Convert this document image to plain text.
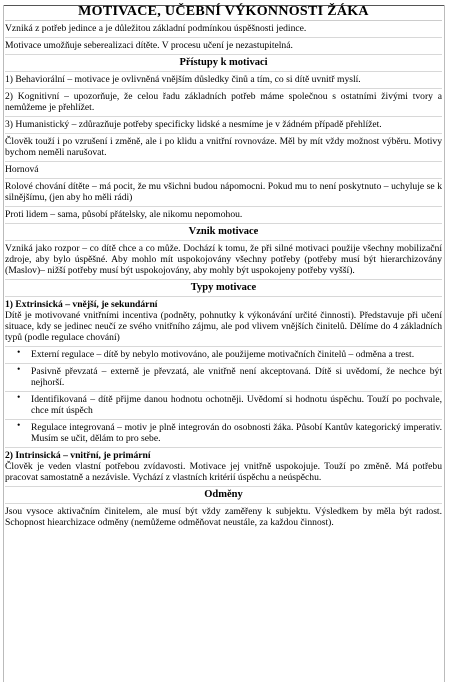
MOTIVACE, UČEBNÍ VÝKONNOSTI ŽÁKA

Vzniká z potřeb jedince a je důležitou základní podmínkou úspěšnosti jedince.

Motivace umožňuje seberealizaci dítěte. V procesu učení je nezastupitelná.

Přístupy k motivaci

1) Behaviorální – motivace je ovlivněná vnějším důsledky činů a tím, co si dítě uvnitř myslí.

2) Kognitivní – upozorňuje, že celou řadu základních potřeb máme společnou s ostatními živými tvory a nemůžeme je přehlížet.

3) Humanistický – zdůrazňuje potřeby specificky lidské a nesmíme je v žádném případě přehlížet.

Člověk touží i po vzrušení i změně, ale i po klidu a vnitřní rovnováze. Měl by mít vždy možnost výběru. Motivy bychom neměli narušovat.

Hornová

Rolové chování dítěte – má pocit, že mu všichni budou nápomocni. Pokud mu to není poskytnuto – uchyluje se k silnějšímu, (jen aby ho měli rádi)

Proti lidem – sama, působí přátelsky, ale nikomu nepomohou.

Vznik motivace

Vzniká jako rozpor – co dítě chce a co může. Dochází k tomu, že při silné motivaci použije všechny mobilizační zdroje, aby bylo úspěšné. Aby mohlo mít uspokojovány všechny potřeby (potřeby musí být hierarchizovány (Maslov)– nižší potřeby musí být uspokojovány, aby mohly být uspokojeny potřeby vyšší).

Typy motivace

1) Extrinsická – vnější, je sekundární

Dítě je motivované vnitřními incentiva (podněty, pohnutky k výkonávání určité činnosti). Představuje při učení situace, kdy se jedinec neučí ze svého vnitřního zájmu, ale pod vlivem vnějších činitelů. Dělíme do 4 základních typů (podle regulace chování)

• Externí regulace – dítě by nebylo motivováno, ale použijeme motivačních činitelů – odměna a trest.

• Pasivně převzatá – externě je převzatá, ale vnitřně není akceptovaná. Dítě si uvědomí, že nechce být nejhorší.

• Identifikovaná – dítě přijme danou hodnotu ochotněji. Uvědomí si hodnotu úspěchu. Touží po pochvale, chce mít úspěch

• Regulace integrovaná – motiv je plně integrován do osobnosti žáka. Působí Kantův kategorický imperativ. Musím se učit, dělám to pro sebe.

2) Intrinsická – vnitřní, je primární

Člověk je veden vlastní potřebou zvídavosti. Motivace jej vnitřně uspokojuje. Touží po změně. Má potřebu pracovat samostatně a nezávisle. Vychází z vlastních kritérií úspěchu a neúspěchu.

Odměny

Jsou vysoce aktivačním činitelem, ale musí být vždy zaměřeny k subjektu. Výsledkem by měla být radost. Schopnost hiearchizace odměny (nemůžeme odměňovat neustále, za každou činnost).
